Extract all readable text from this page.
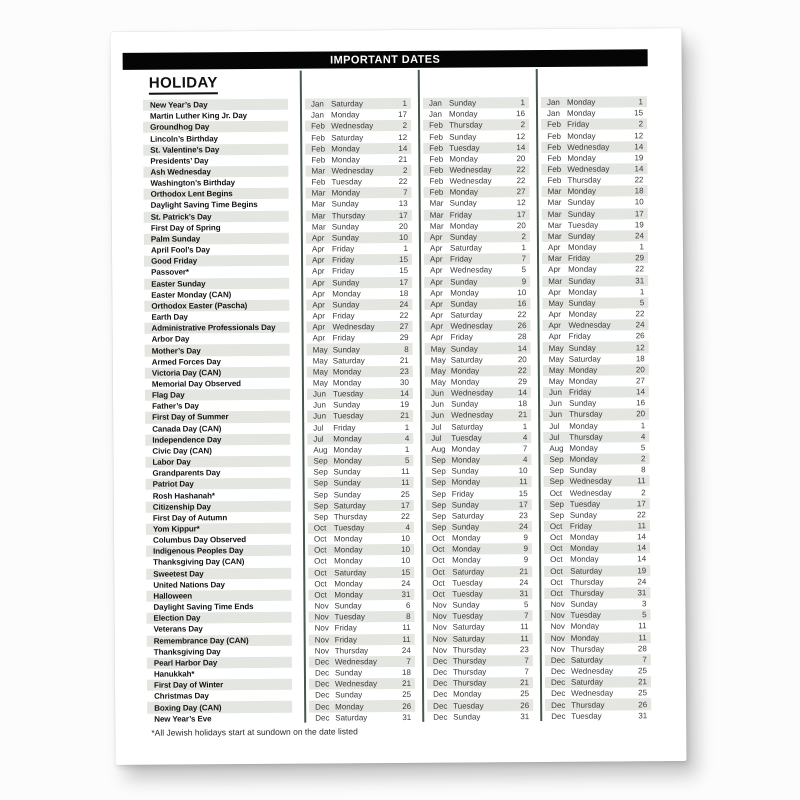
IMPORTANT DATES
HOLIDAY
New Year’s Day	Jan Saturday	1	Jan Sunday	1	Jan Monday	1
Martin Luther King Jr. Day	Jan Monday	17	Jan Monday	16	Jan Monday	15
Groundhog Day	Feb Wednesday	2	Feb Thursday	2	Feb Friday	2
Lincoln’s Birthday	Feb Saturday	12	Feb Sunday	12	Feb Monday	12
St. Valentine’s Day	Feb Monday	14	Feb Tuesday	14	Feb Wednesday	14
Presidents’ Day	Feb Monday	21	Feb Monday	20	Feb Monday	19
Ash Wednesday	Mar Wednesday	2	Feb Wednesday	22	Feb Wednesday	14
Washington’s Birthday	Feb Tuesday	22	Feb Wednesday	22	Feb Thursday	22
Orthodox Lent Begins	Mar Monday	7	Feb Monday	27	Mar Monday	18
Daylight Saving Time Begins	Mar Sunday	13	Mar Sunday	12	Mar Sunday	10
St. Patrick’s Day	Mar Thursday	17	Mar Friday	17	Mar Sunday	17
First Day of Spring	Mar Sunday	20	Mar Monday	20	Mar Tuesday	19
Palm Sunday	Apr Sunday	10	Apr Sunday	2	Mar Sunday	24
April Fool’s Day	Apr Friday	1	Apr Saturday	1	Apr Monday	1
Good Friday	Apr Friday	15	Apr Friday	7	Mar Friday	29
Passover*	Apr Friday	15	Apr Wednesday	5	Apr Monday	22
Easter Sunday	Apr Sunday	17	Apr Sunday	9	Mar Sunday	31
Easter Monday (CAN)	Apr Monday	18	Apr Monday	10	Apr Monday	1
Orthodox Easter (Pascha)	Apr Sunday	24	Apr Sunday	16	May Sunday	5
Earth Day	Apr Friday	22	Apr Saturday	22	Apr Monday	22
Administrative Professionals Day	Apr Wednesday	27	Apr Wednesday	26	Apr Wednesday	24
Arbor Day	Apr Friday	29	Apr Friday	28	Apr Friday	26
Mother’s Day	May Sunday	8	May Sunday	14	May Sunday	12
Armed Forces Day	May Saturday	21	May Saturday	20	May Saturday	18
Victoria Day (CAN)	May Monday	23	May Monday	22	May Monday	20
Memorial Day Observed	May Monday	30	May Monday	29	May Monday	27
Flag Day	Jun Tuesday	14	Jun Wednesday	14	Jun Friday	14
Father’s Day	Jun Sunday	19	Jun Sunday	18	Jun Sunday	16
First Day of Summer	Jun Tuesday	21	Jun Wednesday	21	Jun Thursday	20
Canada Day (CAN)	Jul	Friday	1	Jul	Saturday	1	Jul	Monday	1
Independence Day	Jul	Monday	4	Jul	Tuesday	4	Jul	Thursday	4
Civic Day (CAN)	Aug Monday	1	Aug Monday	7	Aug Monday	5
Labor Day	Sep Monday	5	Sep Monday	4	Sep Monday	2
Grandparents Day	Sep Sunday	11	Sep Sunday	10	Sep Sunday	8
Patriot Day	Sep Sunday	11	Sep Monday	11	Sep Wednesday	11
Rosh Hashanah*	Sep Sunday	25	Sep Friday	15	Oct Wednesday	2
Citizenship Day	Sep Saturday	17	Sep Sunday	17	Sep Tuesday	17
First Day of Autumn	Sep Thursday	22	Sep Saturday	23	Sep Sunday	22
Yom Kippur*	Oct Tuesday	4	Sep Sunday	24	Oct Friday	11
Columbus Day Observed	Oct Monday	10	Oct Monday	9	Oct Monday	14
Indigenous Peoples Day	Oct Monday	10	Oct Monday	9	Oct Monday	14
Thanksgiving Day (CAN)	Oct Monday	10	Oct Monday	9	Oct Monday	14
Sweetest Day	Oct Saturday	15	Oct Saturday	21	Oct Saturday	19
United Nations Day	Oct Monday	24	Oct Tuesday	24	Oct Thursday	24
Halloween	Oct Monday	31	Oct Tuesday	31	Oct Thursday	31
Daylight Saving Time Ends	Nov Sunday	6	Nov Sunday	5	Nov Sunday	3
Election Day	Nov Tuesday	8	Nov Tuesday	7	Nov Tuesday	5
Veterans Day	Nov Friday	11	Nov Saturday	11	Nov Monday	11
Remembrance Day (CAN)	Nov Friday	11	Nov Saturday	11	Nov Monday	11
Thanksgiving Day	Nov Thursday	24	Nov Thursday	23	Nov Thursday	28
Pearl Harbor Day	Dec Wednesday	7	Dec Thursday	7	Dec Saturday	7
Hanukkah*	Dec Sunday	18	Dec Thursday	7	Dec Wednesday	25
First Day of Winter	Dec Wednesday	21	Dec Thursday	21	Dec Saturday	21
Christmas Day	Dec Sunday	25	Dec Monday	25	Dec Wednesday	25
Boxing Day (CAN)	Dec Monday	26	Dec Tuesday	26	Dec Thursday	26
New Year’s Eve	Dec Saturday	31	Dec Sunday	31	Dec Tuesday	31
*All Jewish holidays start at sundown on the date listed
